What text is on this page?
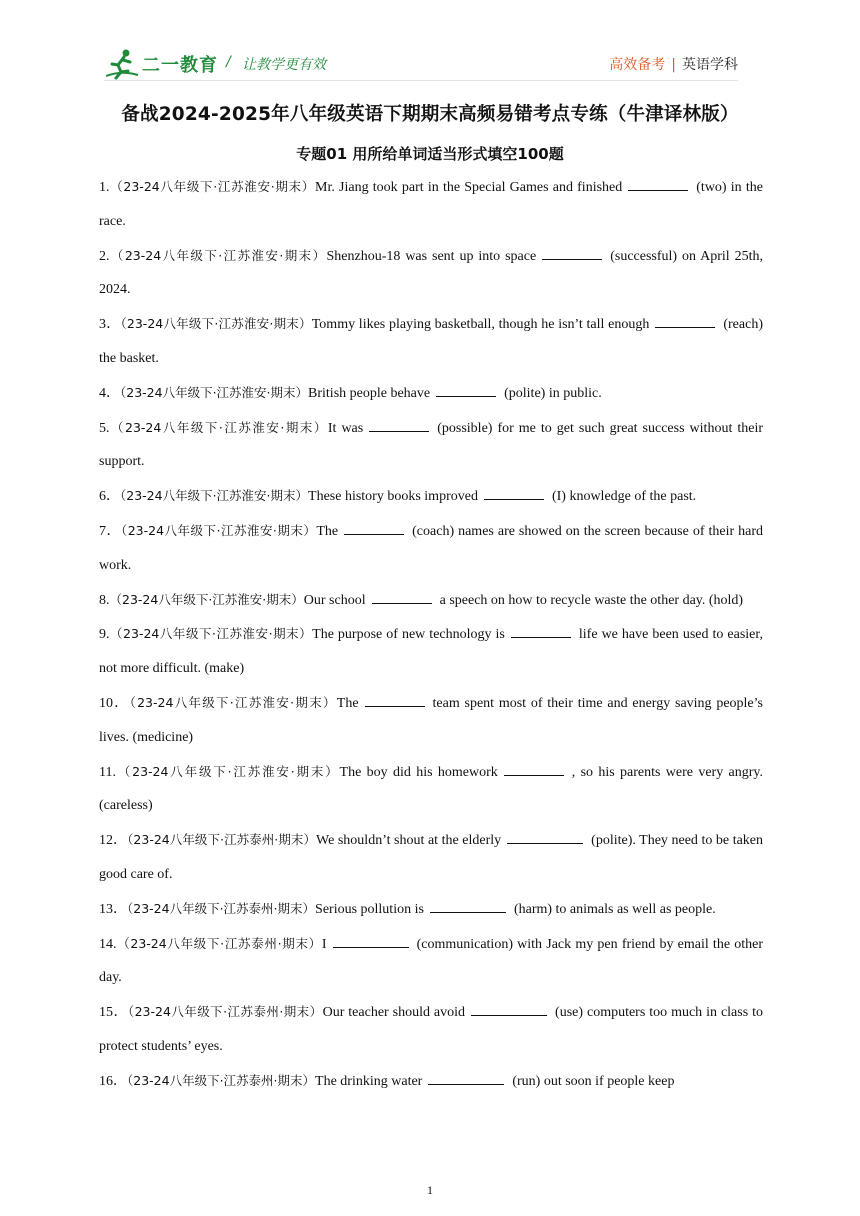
二一教育 / 让教学更有效	高效备考 | 英语学科
备战2024-2025年八年级英语下期期末高频易错考点专练（牛津译林版）
专题01 用所给单词适当形式填空100题

1.（23-24八年级下·江苏淮安·期末）Mr. Jiang took part in the Special Games and finished	(two) in the race.

2.（23-24八年级下·江苏淮安·期末）Shenzhou-18 was sent up into space	(successful) on April 25th, 2024.

3．（23-24八年级下·江苏淮安·期末）Tommy likes playing basketball, though he isn’t tall enough	(reach) the basket.

4．（23-24八年级下·江苏淮安·期末）British people behave	(polite) in public.

5.（23-24八年级下·江苏淮安·期末）It was	(possible) for me to get such great success without their support.

6．（23-24八年级下·江苏淮安·期末）These history books improved	(I) knowledge of the past.

7．（23-24八年级下·江苏淮安·期末）The	(coach) names are showed on the screen because of their hard work.

8.（23-24八年级下·江苏淮安·期末）Our school	a speech on how to recycle waste the other day. (hold)

9.（23-24八年级下·江苏淮安·期末）The purpose of new technology is	life we have been used to easier, not more difficult. (make)

10．（23-24八年级下·江苏淮安·期末）The	team spent most of their time and energy saving people’s lives. (medicine)

11.（23-24八年级下·江苏淮安·期末）The boy did his homework	, so his parents were very angry. (careless)

12．（23-24八年级下·江苏泰州·期末）We shouldn’t shout at the elderly	(polite). They need to be taken good care of.

13．（23-24八年级下·江苏泰州·期末）Serious pollution is	(harm) to animals as well as people.

14.（23-24八年级下·江苏泰州·期末）I	(communication) with Jack my pen friend by email the other day.

15．（23-24八年级下·江苏泰州·期末）Our teacher should avoid	(use) computers too much in class to protect students’ eyes.

16．（23-24八年级下·江苏泰州·期末）The drinking water	(run) out soon if people keep

1
